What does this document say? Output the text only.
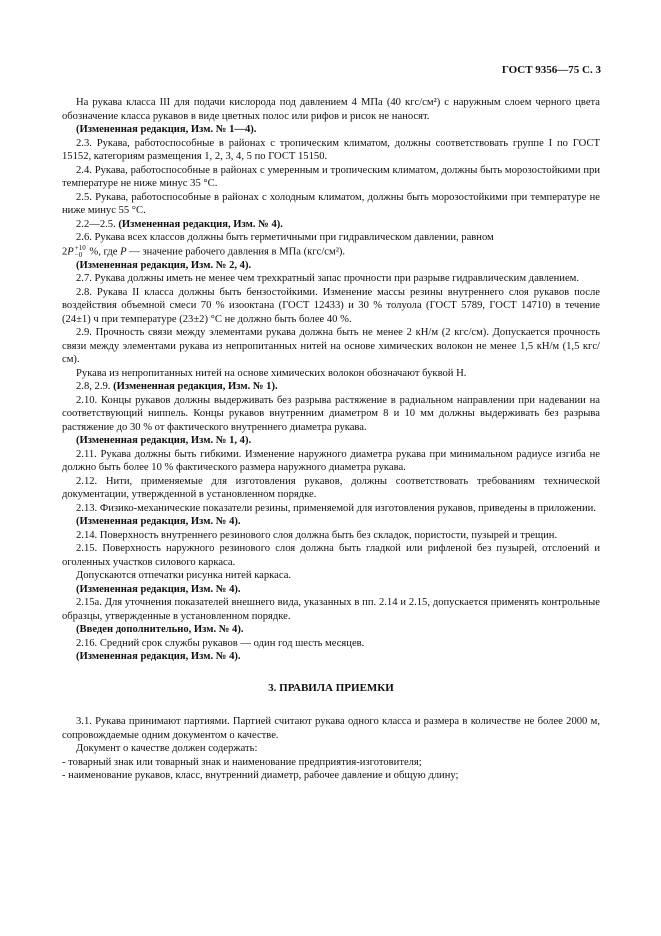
ГОСТ 9356—75 С. 3

На рукава класса III для подачи кислорода под давлением 4 МПа (40 кгс/см²) с наружным слоем черного цвета обозначение класса рукавов в виде цветных полос или рифов и рисок не наносят.

(Измененная редакция, Изм. № 1—4).

2.3. Рукава, работоспособные в районах с тропическим климатом, должны соответствовать группе I по ГОСТ 15152, категориям размещения 1, 2, 3, 4, 5 по ГОСТ 15150.

2.4. Рукава, работоспособные в районах с умеренным и тропическим климатом, должны быть морозостойкими при температуре не ниже минус 35 °С.

2.5. Рукава, работоспособные в районах с холодным климатом, должны быть морозостойкими при температуре не ниже минус 55 °С.

2.2—2.5. (Измененная редакция, Изм. № 4).

2.6. Рукава всех классов должны быть герметичными при гидравлическом давлении, равном

2P +10
−0 %, где P — значение рабочего давления в МПа (кгс/см²).

(Измененная редакция, Изм. № 2, 4).

2.7. Рукава должны иметь не менее чем трехкратный запас прочности при разрыве гидравлическим давлением.

2.8. Рукава II класса должны быть бензостойкими. Изменение массы резины внутреннего слоя рукавов после воздействия объемной смеси 70 % изооктана (ГОСТ 12433) и 30 % толуола (ГОСТ 5789, ГОСТ 14710) в течение (24±1) ч при температуре (23±2) °С не должно быть более 40 %.

2.9. Прочность связи между элементами рукава должна быть не менее 2 кН/м (2 кгс/см). Допускается прочность связи между элементами рукава из непропитанных нитей на основе химических волокон не менее 1,5 кН/м (1,5 кгс/см).

Рукава из непропитанных нитей на основе химических волокон обозначают буквой Н.

2.8, 2.9. (Измененная редакция, Изм. № 1).

2.10. Концы рукавов должны выдерживать без разрыва растяжение в радиальном направлении при надевании на соответствующий ниппель. Концы рукавов внутренним диаметром 8 и 10 мм должны выдерживать без разрыва растяжение до 30 % от фактического внутреннего диаметра рукава.

(Измененная редакция, Изм. № 1, 4).

2.11. Рукава должны быть гибкими. Изменение наружного диаметра рукава при минимальном радиусе изгиба не должно быть более 10 % фактического размера наружного диаметра рукава.

2.12. Нити, применяемые для изготовления рукавов, должны соответствовать требованиям технической документации, утвержденной в установленном порядке.

2.13. Физико-механические показатели резины, применяемой для изготовления рукавов, приведены в приложении.

(Измененная редакция, Изм. № 4).

2.14. Поверхность внутреннего резинового слоя должна быть без складок, пористости, пузырей и трещин.

2.15. Поверхность наружного резинового слоя должна быть гладкой или рифленой без пузырей, отслоений и оголенных участков силового каркаса.

Допускаются отпечатки рисунка нитей каркаса.

(Измененная редакция, Изм. № 4).

2.15а. Для уточнения показателей внешнего вида, указанных в пп. 2.14 и 2.15, допускается применять контрольные образцы, утвержденные в установленном порядке.

(Введен дополнительно, Изм. № 4).

2.16. Средний срок службы рукавов — один год шесть месяцев.

(Измененная редакция, Изм. № 4).

3. ПРАВИЛА ПРИЕМКИ

3.1. Рукава принимают партиями. Партией считают рукава одного класса и размера в количестве не более 2000 м, сопровождаемые одним документом о качестве.

Документ о качестве должен содержать:

- товарный знак или товарный знак и наименование предприятия-изготовителя;

- наименование рукавов, класс, внутренний диаметр, рабочее давление и общую длину;
